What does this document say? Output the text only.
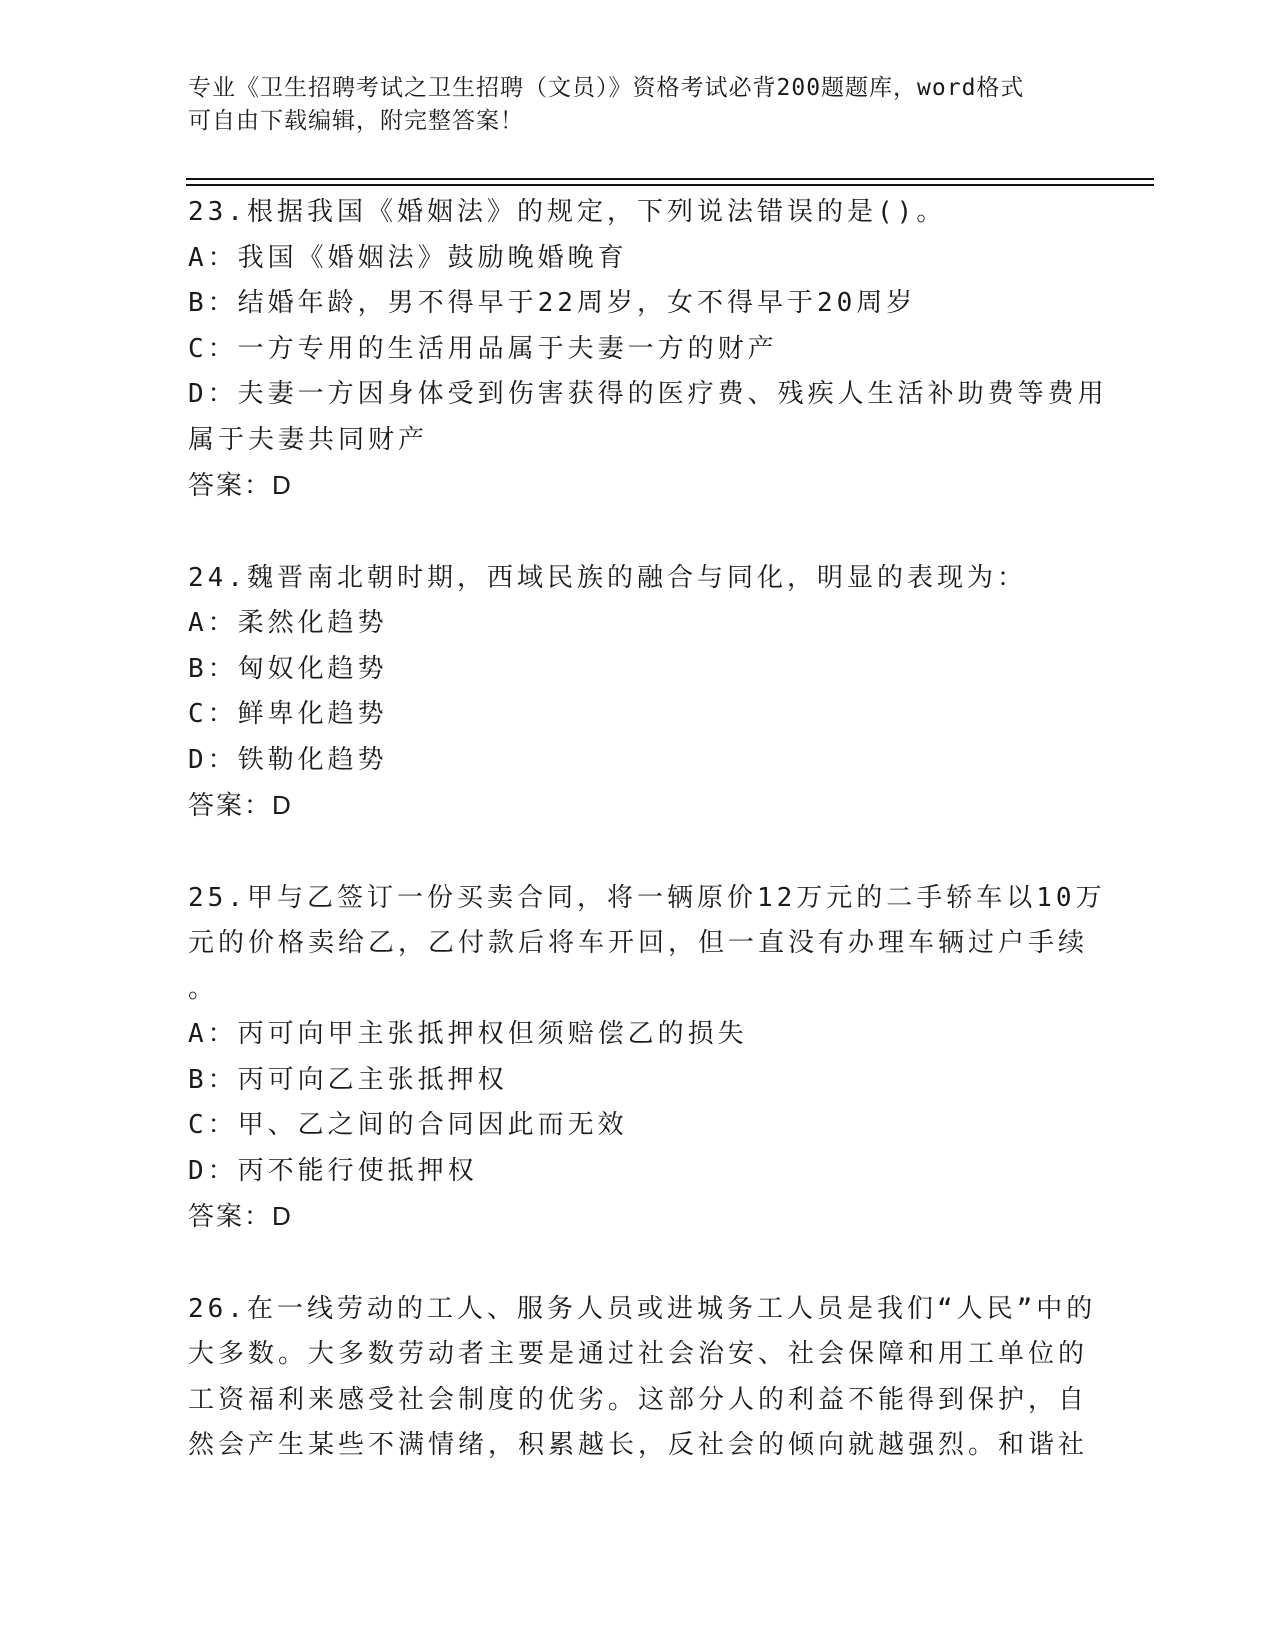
专业《卫生招聘考试之卫生招聘（文员）》资格考试必背200题题库，word格式
可自由下载编辑，附完整答案！
23.根据我国《婚姻法》的规定，下列说法错误的是()。
A：我国《婚姻法》鼓励晚婚晚育
B：结婚年龄，男不得早于22周岁，女不得早于20周岁
C：一方专用的生活用品属于夫妻一方的财产
D：夫妻一方因身体受到伤害获得的医疗费、残疾人生活补助费等费用
属于夫妻共同财产
答案：D
24.魏晋南北朝时期，西域民族的融合与同化，明显的表现为：
A：柔然化趋势
B：匈奴化趋势
C：鲜卑化趋势
D：铁勒化趋势
答案：D
25.甲与乙签订一份买卖合同，将一辆原价12万元的二手轿车以10万
元的价格卖给乙，乙付款后将车开回，但一直没有办理车辆过户手续
。
A：丙可向甲主张抵押权但须赔偿乙的损失
B：丙可向乙主张抵押权
C：甲、乙之间的合同因此而无效
D：丙不能行使抵押权
答案：D
26.在一线劳动的工人、服务人员或进城务工人员是我们“人民”中的
大多数。大多数劳动者主要是通过社会治安、社会保障和用工单位的
工资福利来感受社会制度的优劣。这部分人的利益不能得到保护，自
然会产生某些不满情绪，积累越长，反社会的倾向就越强烈。和谐社
